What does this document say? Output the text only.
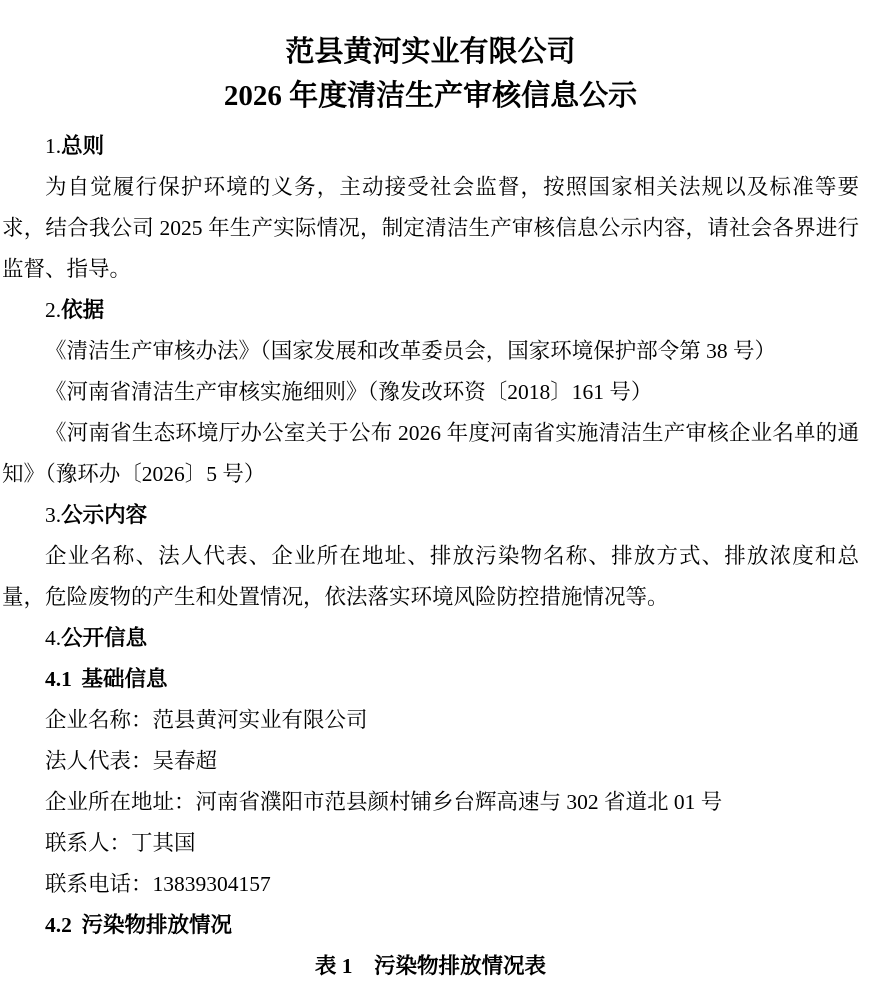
范县黄河实业有限公司
2026 年度清洁生产审核信息公示

1.总则

为自觉履行保护环境的义务，主动接受社会监督，按照国家相关法规以及标准等要求，结合我公司 2025 年生产实际情况，制定清洁生产审核信息公示内容，请社会各界进行监督、指导。

2.依据

《清洁生产审核办法》（国家发展和改革委员会，国家环境保护部令第 38 号）

《河南省清洁生产审核实施细则》（豫发改环资〔2018〕161 号）

《河南省生态环境厅办公室关于公布 2026 年度河南省实施清洁生产审核企业名单的通知》（豫环办〔2026〕5 号）

3.公示内容

企业名称、法人代表、企业所在地址、排放污染物名称、排放方式、排放浓度和总量，危险废物的产生和处置情况，依法落实环境风险防控措施情况等。

4.公开信息

4.1 基础信息

企业名称：范县黄河实业有限公司

法人代表：吴春超

企业所在地址：河南省濮阳市范县颜村铺乡台辉高速与 302 省道北 01 号

联系人：丁其国

联系电话：13839304157

4.2 污染物排放情况

表 1　污染物排放情况表
